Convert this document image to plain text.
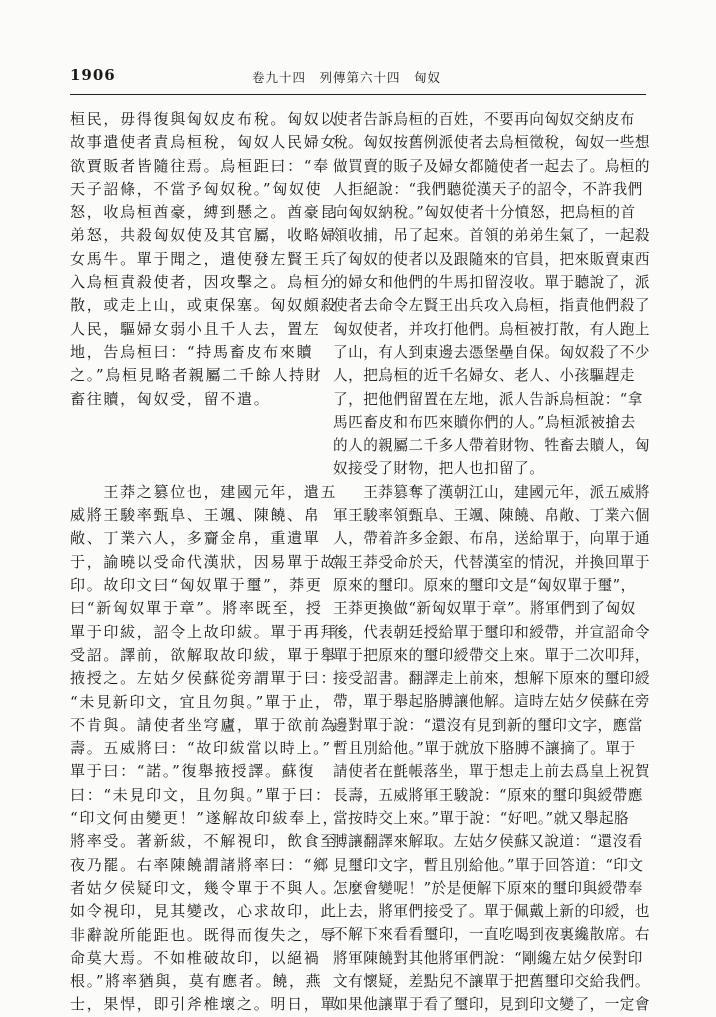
1906	卷九十四　列傳第六十四　匈奴
桓民，毋得復與匈奴皮布稅。匈奴以
故事遣使者責烏桓稅，匈奴人民婦女
欲賈販者皆隨往焉。烏桓距曰：“奉
天子詔條，不當予匈奴稅。”匈奴使
怒，收烏桓酋豪，縛到懸之。酋豪昆
弟怒，共殺匈奴使及其官屬，收略婦
女馬牛。單于聞之，遣使發左賢王兵
入烏桓責殺使者，因攻擊之。烏桓分
散，或走上山，或東保塞。匈奴頗殺
人民，驅婦女弱小且千人去，置左
地，告烏桓曰：“持馬畜皮布來贖
之。”烏桓見略者親屬二千餘人持財
畜往贖，匈奴受，留不遣。
　　王莽之篡位也，建國元年，遣五
威將王駿率甄阜、王颯、陳饒、帛
敞、丁業六人，多齎金帛，重遺單
于，諭曉以受命代漢狀，因易單于故
印。故印文曰“匈奴單于璽”，莽更
曰“新匈奴單于章”。將率既至，授
單于印紱，詔令上故印紱。單于再拜
受詔。譯前，欲解取故印紱，單于舉
掖授之。左姑夕侯蘇從旁謂單于曰：
“未見新印文，宜且勿與。”單于止，
不肯與。請使者坐穹廬，單于欲前為
壽。五威將曰：“故印紱當以時上。”
單于曰：“諾。”復舉掖授譯。蘇復
曰：“未見印文，且勿與。”單于曰：
“印文何由變更！”遂解故印紱奉上，
將率受。著新紱，不解視印，飲食至
夜乃罷。右率陳饒謂諸將率曰：“鄉
者姑夕侯疑印文，幾令單于不與人。
如令視印，見其變改，心求故印，此
非辭說所能距也。既得而復失之，辱
命莫大焉。不如椎破故印，以絕禍
根。”將率猶與，莫有應者。饒，燕
士，果悍，即引斧椎壞之。明日，單
使者告訴烏桓的百姓，不要再向匈奴交納皮布
稅。匈奴按舊例派使者去烏桓徵稅，匈奴一些想
做買賣的販子及婦女都隨使者一起去了。烏桓的
人拒絕說：“我們聽從漢天子的詔令，不許我們
向匈奴納稅。”匈奴使者十分憤怒，把烏桓的首
領收捕，吊了起來。首領的弟弟生氣了，一起殺
了匈奴的使者以及跟隨來的官員，把來販賣東西
的婦女和他們的牛馬扣留沒收。單于聽說了，派
使者去命令左賢王出兵攻入烏桓，指責他們殺了
匈奴使者，并攻打他們。烏桓被打散，有人跑上
了山，有人到東邊去憑堡壘自保。匈奴殺了不少
人，把烏桓的近千名婦女、老人、小孩驅趕走
了，把他們留置在左地，派人告訴烏桓說：“拿
馬匹畜皮和布匹來贖你們的人。”烏桓派被搶去
的人的親屬二千多人帶着財物、牲畜去贖人，匈
奴接受了財物，把人也扣留了。
　　王莽篡奪了漢朝江山，建國元年，派五威將
軍王駿率領甄阜、王颯、陳饒、帛敞、丁業六個
人，帶着許多金銀、布帛，送給單于，向單于通
報王莽受命於天，代替漢室的情況，并換回單于
原來的璽印。原來的璽印文是“匈奴單于璽”，
王莽更換做“新匈奴單于章”。將軍們到了匈奴
後，代表朝廷授給單于璽印和綬帶，并宣詔命令
單于把原來的璽印綬帶交上來。單于二次叩拜，
接受詔書。翻譯走上前來，想解下原來的璽印綬
帶，單于舉起胳膊讓他解。這時左姑夕侯蘇在旁
邊對單于說：“還沒有見到新的璽印文字，應當
暫且別給他。”單于就放下胳膊不讓摘了。單于
請使者在氈帳落坐，單于想走上前去爲皇上祝賀
長壽，五威將軍王駿說：“原來的璽印與綬帶應
當按時交上來。”單于說：“好吧。”就又舉起胳
膊讓翻譯來解取。左姑夕侯蘇又說道：“還沒看
見璽印文字，暫且別給他。”單于回答道：“印文
怎麼會變呢！”於是便解下原來的璽印與綬帶奉
上去，將軍們接受了。單于佩戴上新的印綬，也
不解下來看看璽印，一直吃喝到夜裏纔散席。右
將軍陳饒對其他將軍們說：“剛纔左姑夕侯對印
文有懷疑，差點兒不讓單于把舊璽印交給我們。
如果他讓單于看了璽印，見到印文變了，一定會
